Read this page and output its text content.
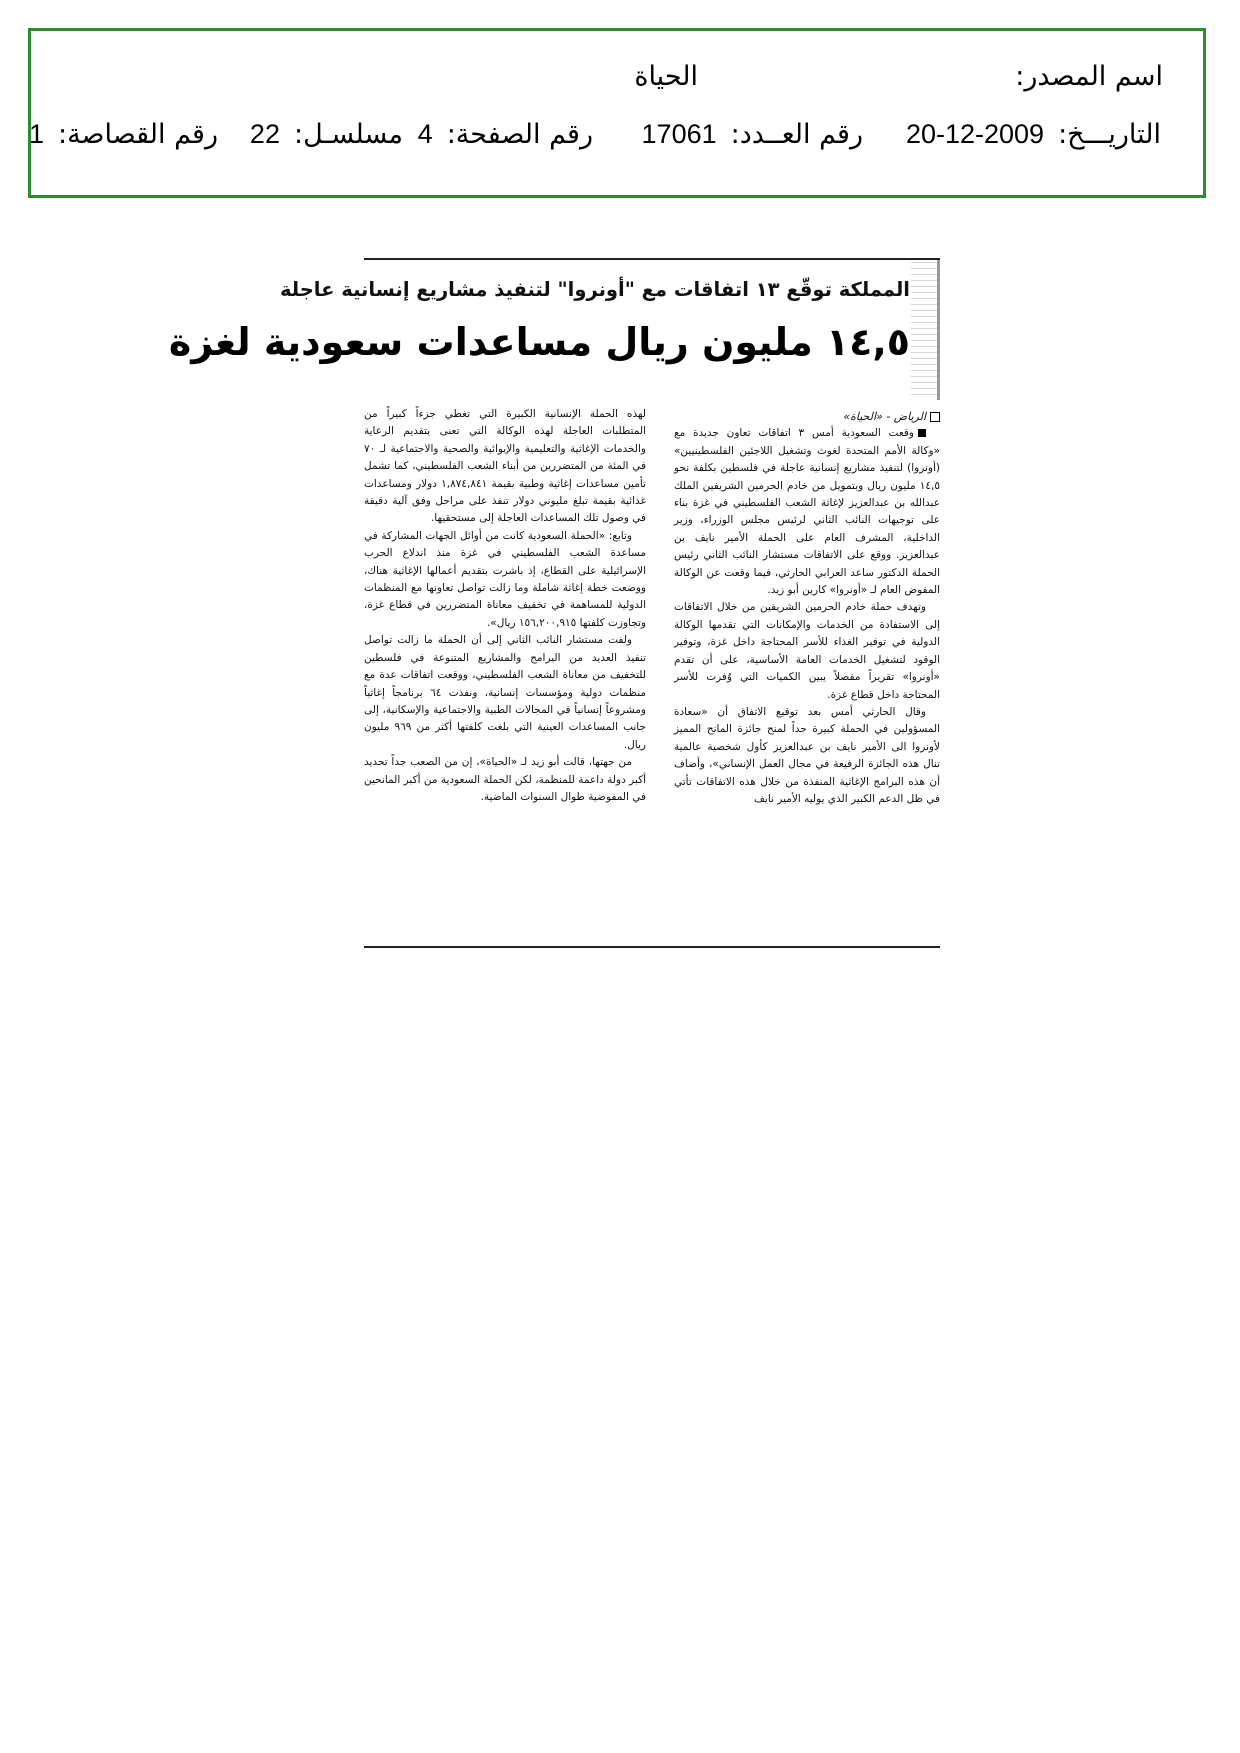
اسم المصدر:
الحياة
التاريـــخ:
20-12-2009
رقم العــدد:
17061
رقم الصفحة:
4
مسلسـل:
22
رقم القصاصة:
1
المملكة توقّع ١٣ اتفاقات مع "أونروا" لتنفيذ مشاريع إنسانية عاجلة
١٤,٥ مليون ريال مساعدات سعودية لغزة

الرياض - «الحياة»

وقعت السعودية أمس ٣ اتفاقات تعاون جديدة مع «وكالة الأمم المتحدة لغوث وتشغيل اللاجئين الفلسطينيين» (أونروا) لتنفيذ مشاريع إنسانية عاجلة في فلسطين بكلفة نحو ١٤,٥ مليون ريال وبتمويل من خادم الحرمين الشريفين الملك عبدالله بن عبدالعزيز لإغاثة الشعب الفلسطيني في غزة بناء على توجيهات النائب الثاني لرئيس مجلس الوزراء، وزير الداخلية، المشرف العام على الحملة الأمير نايف بن عبدالعزيز. ووقع على الاتفاقات مستشار النائب الثاني رئيس الحملة الدكتور ساعد العرابي الحارثي، فيما وقعت عن الوكالة المفوض العام لـ «أونروا» كارين أبو زيد.

وتهدف حملة خادم الحرمين الشريفين من خلال الاتفاقات إلى الاستفادة من الخدمات والإمكانات التي تقدمها الوكالة الدولية في توفير الغذاء للأسر المحتاجة داخل غزة، وتوفير الوقود لتشغيل الخدمات العامة الأساسية، على أن تقدم «أونروا» تقريراً مفصلاً يبين الكميات التي وُفرت للأسر المحتاجة داخل قطاع غزة.

وقال الحارثي أمس بعد توقيع الاتفاق أن «سعادة المسؤولين في الحملة كبيرة جداً لمنح جائزة المانح المميز لأونروا الى الأمير نايف بن عبدالعزيز كأول شخصية عالمية تنال هذه الجائزة الرفيعة في مجال العمل الإنساني»، وأضاف أن هذه البرامج الإغاثية المنفذة من خلال هذه الاتفاقات تأتي في ظل الدعم الكبير الذي يوليه الأمير نايف

لهذه الحملة الإنسانية الكبيرة التي تغطي جزءاً كبيراً من المتطلبات العاجلة لهذه الوكالة التي تعنى بتقديم الرعاية والخدمات الإغاثية والتعليمية والإيوائية والصحية والاجتماعية لـ ٧٠ في المئة من المتضررين من أبناء الشعب الفلسطيني، كما تشمل تأمين مساعدات إغاثية وطبية بقيمة ١,٨٧٤,٨٤١ دولار ومساعدات غذائية بقيمة تبلغ مليوني دولار تنفذ على مراحل وفق آلية دقيقة في وصول تلك المساعدات العاجلة إلى مستحقيها.

وتابع: «الحملة السعودية كانت من أوائل الجهات المشاركة في مساعدة الشعب الفلسطيني في غزة منذ اندلاع الحرب الإسرائيلية على القطاع، إذ باشرت بتقديم أعمالها الإغاثية هناك، ووضعت خطة إغاثة شاملة وما زالت تواصل تعاونها مع المنظمات الدولية للمساهمة في تخفيف معاناة المتضررين في قطاع غزة، وتجاوزت كلفتها ١٥٦,٢٠٠,٩١٥ ريال».

ولفت مستشار النائب الثاني إلى أن الحملة ما زالت تواصل تنفيذ العديد من البرامج والمشاريع المتنوعة في فلسطين للتخفيف من معاناة الشعب الفلسطيني، ووقعت اتفاقات عدة مع منظمات دولية ومؤسسات إنسانية، ونفذت ٦٤ برنامجاً إغاثياً ومشروعاً إنسانياً في المجالات الطبية والاجتماعية والإسكانية، إلى جانب المساعدات العينية التي بلغت كلفتها أكثر من ٩٦٩ مليون ريال.

من جهتها، قالت أبو زيد لـ «الحياة»، إن من الصعب جداً تحديد أكبر دولة داعمة للمنظمة، لكن الحملة السعودية من أكبر المانحين في المفوضية طوال السنوات الماضية.
